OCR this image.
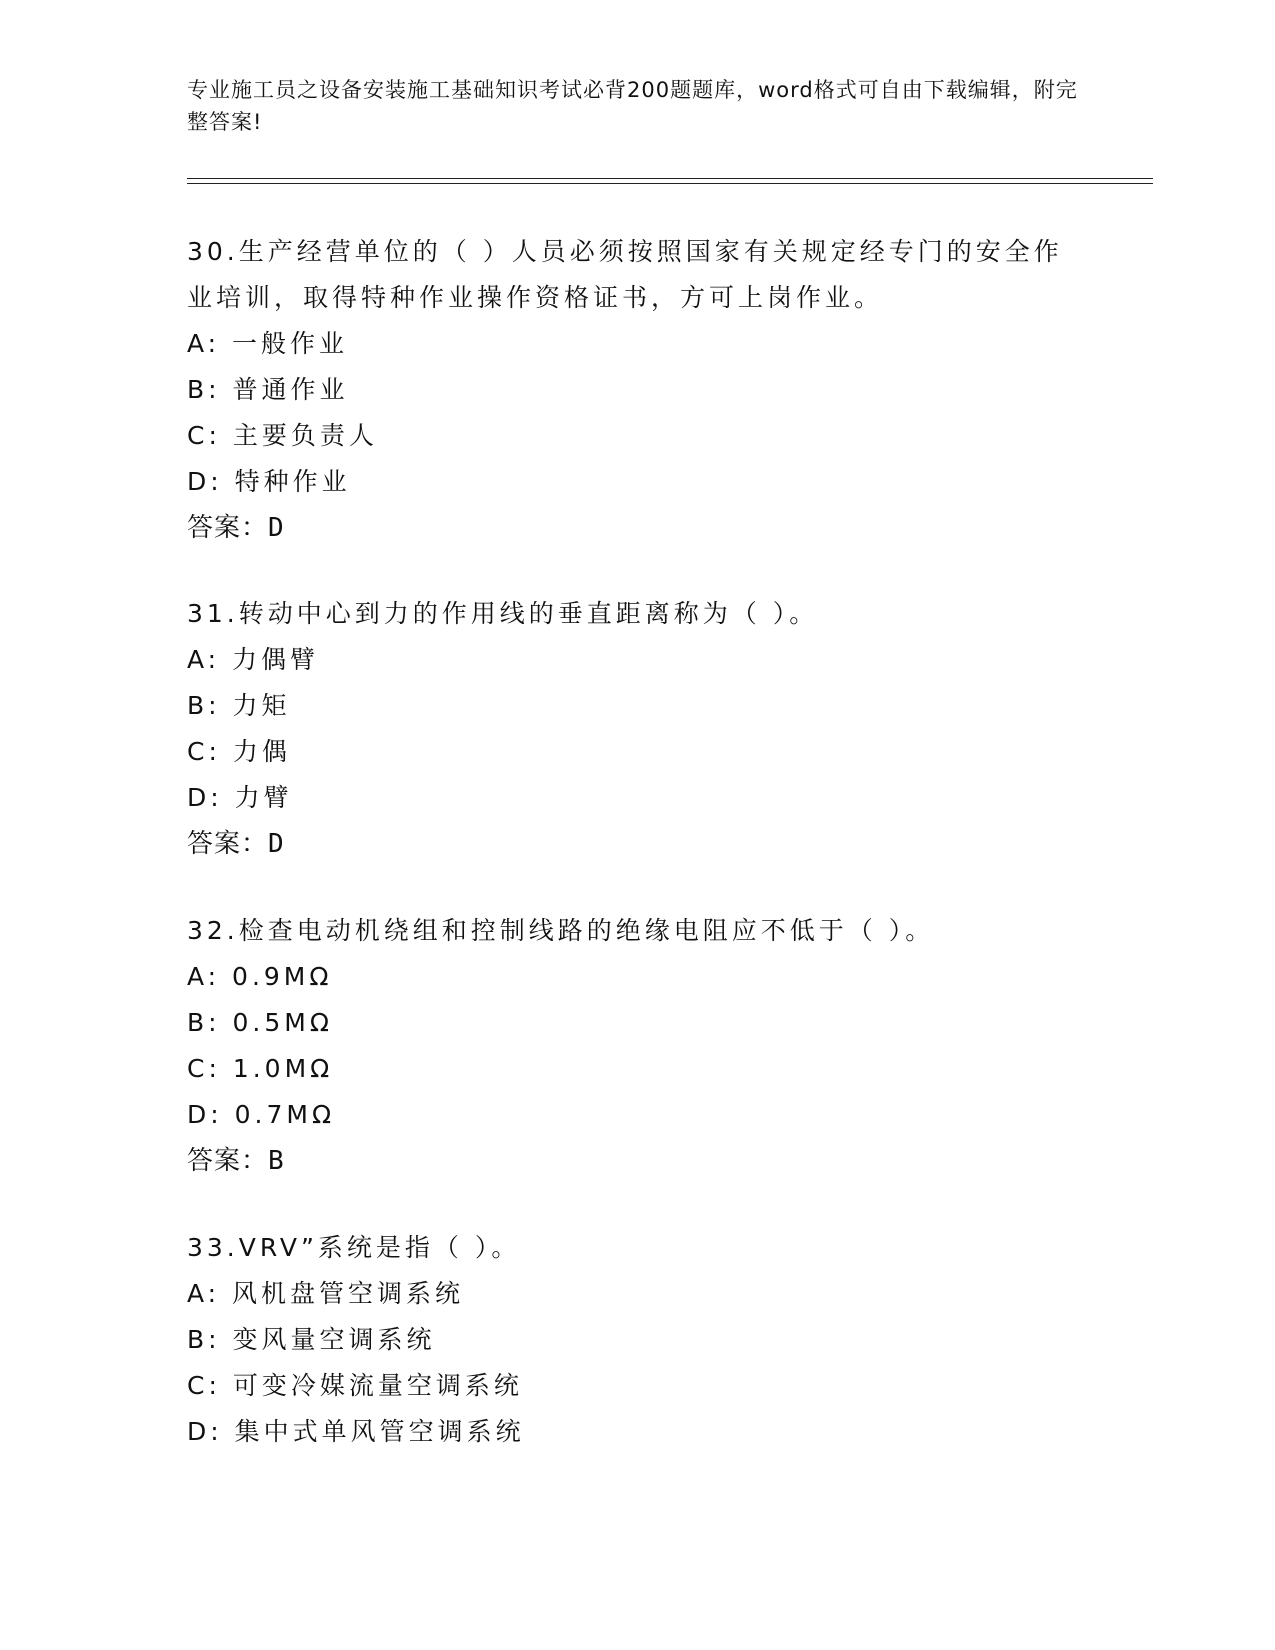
专业施工员之设备安装施工基础知识考试必背200题题库，word格式可自由下载编辑，附完整答案!

30.生产经营单位的（ ）人员必须按照国家有关规定经专门的安全作业培训，取得特种作业操作资格证书，方可上岗作业。

A: 一般作业

B: 普通作业

C: 主要负责人

D: 特种作业

答案：D

31.转动中心到力的作用线的垂直距离称为（ ）。

A: 力偶臂

B: 力矩

C: 力偶

D: 力臂

答案：D

32.检查电动机绕组和控制线路的绝缘电阻应不低于（ ）。

A: 0.9MΩ

B: 0.5MΩ

C: 1.0MΩ

D: 0.7MΩ

答案：B

33.VRV”系统是指（ ）。

A: 风机盘管空调系统

B: 变风量空调系统

C: 可变冷媒流量空调系统

D: 集中式单风管空调系统
